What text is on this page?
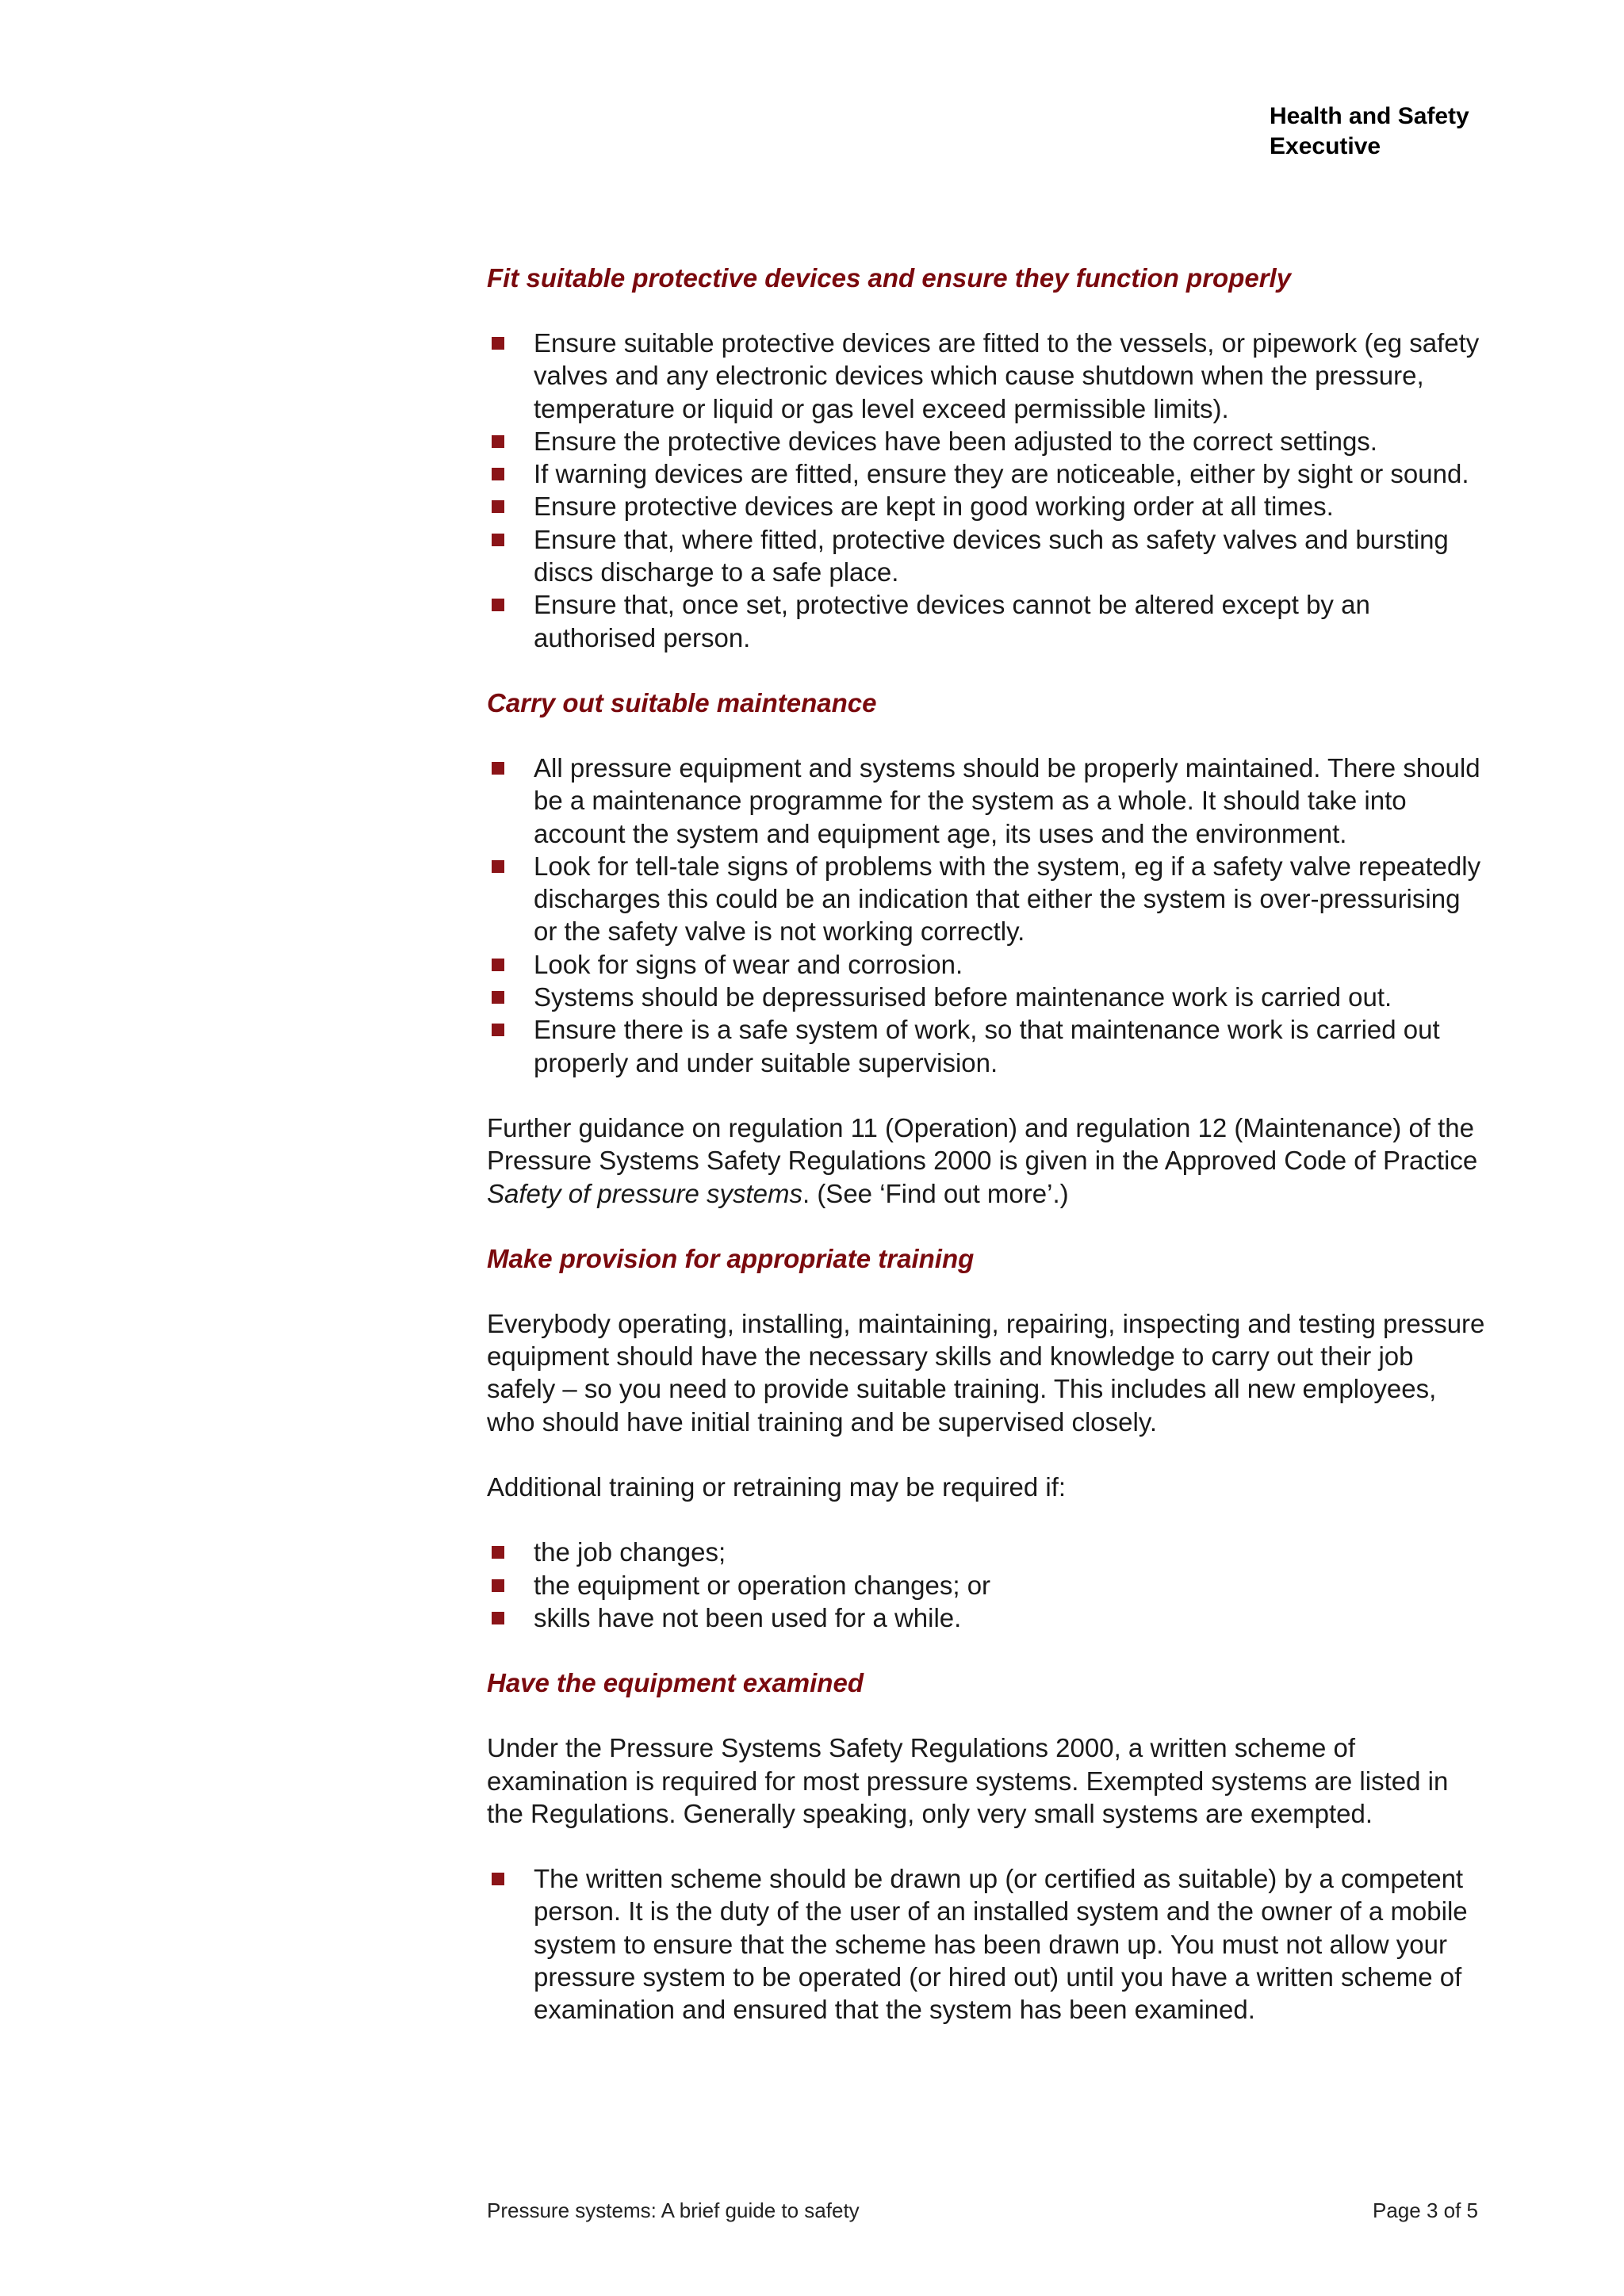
Health and Safety
Executive
Fit suitable protective devices and ensure they function properly
Ensure suitable protective devices are fitted to the vessels, or pipework (eg safety valves and any electronic devices which cause shutdown when the pressure, temperature or liquid or gas level exceed permissible limits).
Ensure the protective devices have been adjusted to the correct settings.
If warning devices are fitted, ensure they are noticeable, either by sight or sound.
Ensure protective devices are kept in good working order at all times.
Ensure that, where fitted, protective devices such as safety valves and bursting discs discharge to a safe place.
Ensure that, once set, protective devices cannot be altered except by an authorised person.
Carry out suitable maintenance
All pressure equipment and systems should be properly maintained. There should be a maintenance programme for the system as a whole. It should take into account the system and equipment age, its uses and the environment.
Look for tell-tale signs of problems with the system, eg if a safety valve repeatedly discharges this could be an indication that either the system is over-pressurising or the safety valve is not working correctly.
Look for signs of wear and corrosion.
Systems should be depressurised before maintenance work is carried out.
Ensure there is a safe system of work, so that maintenance work is carried out properly and under suitable supervision.

Further guidance on regulation 11 (Operation) and regulation 12 (Maintenance) of the Pressure Systems Safety Regulations 2000 is given in the Approved Code of Practice Safety of pressure systems. (See ‘Find out more’.)

Make provision for appropriate training

Everybody operating, installing, maintaining, repairing, inspecting and testing pressure equipment should have the necessary skills and knowledge to carry out their job safely – so you need to provide suitable training. This includes all new employees, who should have initial training and be supervised closely.

Additional training or retraining may be required if:

the job changes;
the equipment or operation changes; or
skills have not been used for a while.
Have the equipment examined

Under the Pressure Systems Safety Regulations 2000, a written scheme of examination is required for most pressure systems. Exempted systems are listed in the Regulations. Generally speaking, only very small systems are exempted.

The written scheme should be drawn up (or certified as suitable) by a competent person. It is the duty of the user of an installed system and the owner of a mobile system to ensure that the scheme has been drawn up. You must not allow your pressure system to be operated (or hired out) until you have a written scheme of examination and ensured that the system has been examined.
Pressure systems: A brief guide to safety	Page 3 of 5
